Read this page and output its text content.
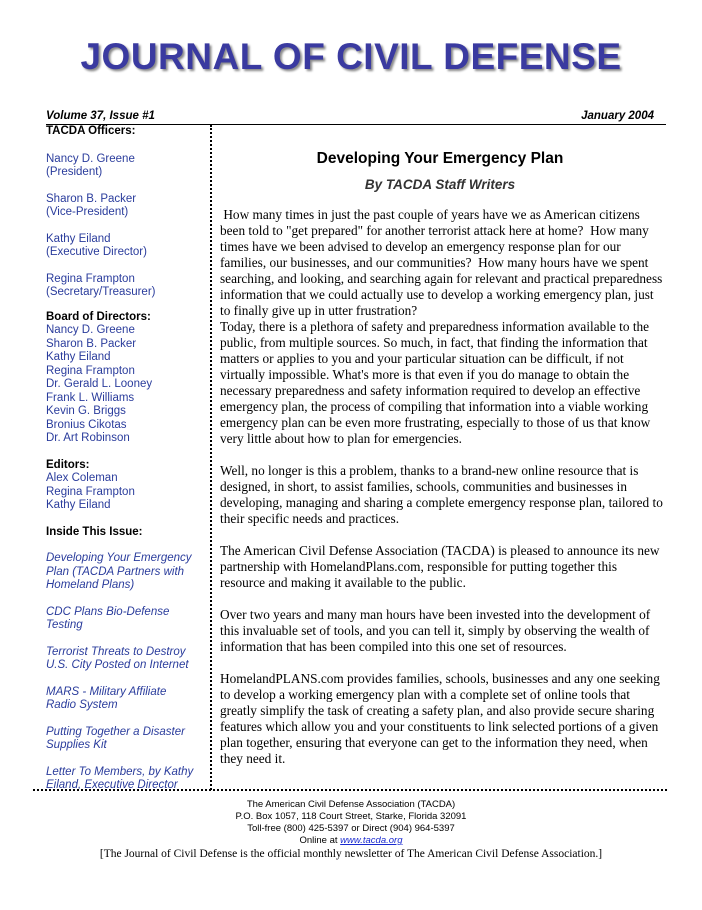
JOURNAL OF CIVIL DEFENSE
Volume 37, Issue #1	January 2004
TACDA Officers:
Nancy D. Greene
(President)
Sharon B. Packer
(Vice-President)
Kathy Eiland
(Executive Director)
Regina Frampton
(Secretary/Treasurer)
Board of Directors:
Nancy D. Greene
Sharon B. Packer
Kathy Eiland
Regina Frampton
Dr. Gerald L. Looney
Frank L. Williams
Kevin G. Briggs
Bronius Cikotas
Dr. Art Robinson
Editors:
Alex Coleman
Regina Frampton
Kathy Eiland
Inside This Issue:
Developing Your Emergency
Plan (TACDA Partners with
Homeland Plans)
CDC Plans Bio-Defense
Testing
Terrorist Threats to Destroy
U.S. City Posted on Internet
MARS - Military Affiliate
Radio System
Putting Together a Disaster
Supplies Kit
Letter To Members, by Kathy
Eiland, Executive Director
Developing Your Emergency Plan
By TACDA Staff Writers

How many times in just the past couple of years have we as American citizens been told to "get prepared" for another terrorist attack here at home?  How many times have we been advised to develop an emergency response plan for our families, our businesses, and our communities?  How many hours have we spent searching, and looking, and searching again for relevant and practical preparedness information that we could actually use to develop a working emergency plan, just to finally give up in utter frustration?

Today, there is a plethora of safety and preparedness information available to the public, from multiple sources. So much, in fact, that finding the information that matters or applies to you and your particular situation can be difficult, if not virtually impossible. What's more is that even if you do manage to obtain the necessary preparedness and safety information required to develop an effective emergency plan, the process of compiling that information into a viable working emergency plan can be even more frustrating, especially to those of us that know very little about how to plan for emergencies.

Well, no longer is this a problem, thanks to a brand-new online resource that is designed, in short, to assist families, schools, communities and businesses in developing, managing and sharing a complete emergency response plan, tailored to their specific needs and practices.

The American Civil Defense Association (TACDA) is pleased to announce its new partnership with HomelandPlans.com, responsible for putting together this resource and making it available to the public.

Over two years and many man hours have been invested into the development of this invaluable set of tools, and you can tell it, simply by observing the wealth of information that has been compiled into this one set of resources.

HomelandPLANS.com provides families, schools, businesses and any one seeking to develop a working emergency plan with a complete set of online tools that greatly simplify the task of creating a safety plan, and also provide secure sharing features which allow you and your constituents to link selected portions of a given plan together, ensuring that everyone can get to the information they need, when they need it.

The American Civil Defense Association (TACDA)
P.O. Box 1057, 118 Court Street, Starke, Florida 32091
Toll-free (800) 425-5397 or Direct (904) 964-5397
Online at www.tacda.org
[The Journal of Civil Defense is the official monthly newsletter of The American Civil Defense Association.]
